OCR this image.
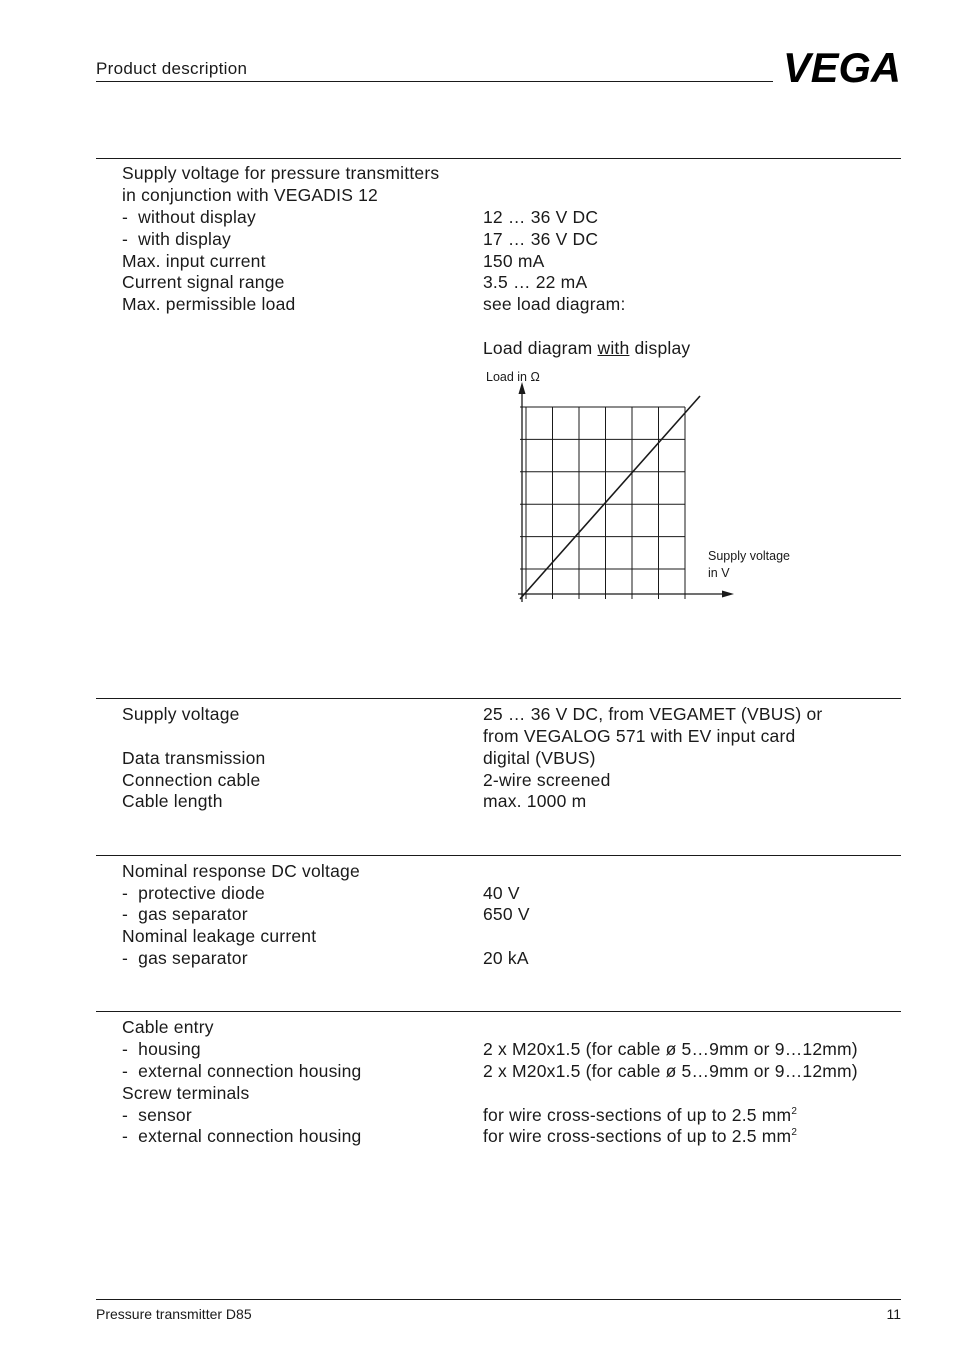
Product description	VEGA
Supply voltage for pressure transmitters
in conjunction with VEGADIS 12
-  without display	12 … 36 V DC
-  with display	17 … 36 V DC
Max. input current	150 mA
Current signal range	3.5 … 22 mA
Max. permissible load	see load diagram:
Load diagram with display
Load in Ω
Supply voltage
in V
Supply voltage	25 … 36 V DC, from VEGAMET (VBUS) or
from VEGALOG 571 with EV input card
Data transmission	digital (VBUS)
Connection cable	2-wire screened
Cable length	max. 1000 m
Nominal response DC voltage
-  protective diode	40 V
-  gas separator	650 V
Nominal leakage current
-  gas separator	20 kA
Cable entry
-  housing	2 x M20x1.5 (for cable ø 5…9mm or 9…12mm)
-  external connection housing	2 x M20x1.5 (for cable ø 5…9mm or 9…12mm)
Screw terminals
-  sensor	for wire cross-sections of up to 2.5 $mm^2$
-  external connection housing	for wire cross-sections of up to 2.5 $mm^2$
Pressure transmitter D85	11
